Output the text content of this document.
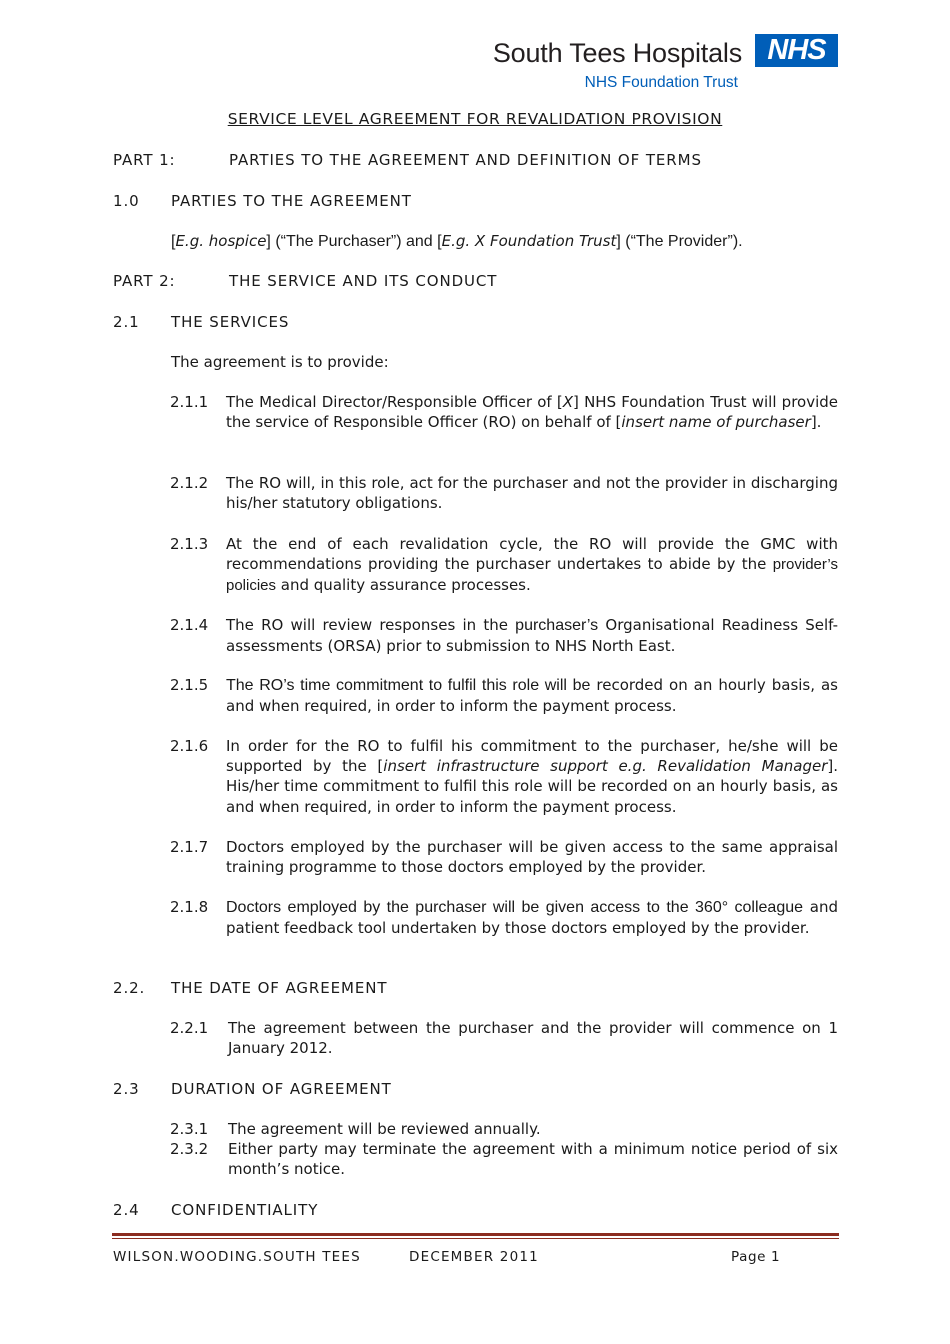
South Tees Hospitals
NHS Foundation Trust
NHS
SERVICE LEVEL AGREEMENT FOR REVALIDATION PROVISION
PART 1:	PARTIES TO THE AGREEMENT AND DEFINITION OF TERMS
1.0 PARTIES TO THE AGREEMENT
[E.g. hospice] (“The Purchaser”) and [E.g. X Foundation Trust] (“The Provider”).
PART 2:	THE SERVICE AND ITS CONDUCT
2.1 THE SERVICES
The agreement is to provide:
2.1.1 The Medical Director/Responsible Officer of [X] NHS Foundation Trust will provide the service of Responsible Officer (RO) on behalf of [insert name of purchaser].
2.1.2 The RO will, in this role, act for the purchaser and not the provider in discharging his/her statutory obligations.
2.1.3 At the end of each revalidation cycle, the RO will provide the GMC with recommendations providing the purchaser undertakes to abide by the provider’s policies and quality assurance processes.
2.1.4 The RO will review responses in the purchaser’s Organisational Readiness Self-assessments (ORSA) prior to submission to NHS North East.
2.1.5 The RO’s time commitment to fulfil this role will be recorded on an hourly basis, as and when required, in order to inform the payment process.
2.1.6 In order for the RO to fulfil his commitment to the purchaser, he/she will be supported by the [insert infrastructure support e.g. Revalidation Manager]. His/her time commitment to fulfil this role will be recorded on an hourly basis, as and when required, in order to inform the payment process.
2.1.7 Doctors employed by the purchaser will be given access to the same appraisal training programme to those doctors employed by the provider.
2.1.8 Doctors employed by the purchaser will be given access to the 360° colleague and patient feedback tool undertaken by those doctors employed by the provider.
2.2. THE DATE OF AGREEMENT
2.2.1 The agreement between the purchaser and the provider will commence on 1 January 2012.
2.3 DURATION OF AGREEMENT
2.3.1 The agreement will be reviewed annually.
2.3.2 Either party may terminate the agreement with a minimum notice period of six month’s notice.
2.4 CONFIDENTIALITY
WILSON.WOODING.SOUTH TEES	DECEMBER 2011	Page 1
